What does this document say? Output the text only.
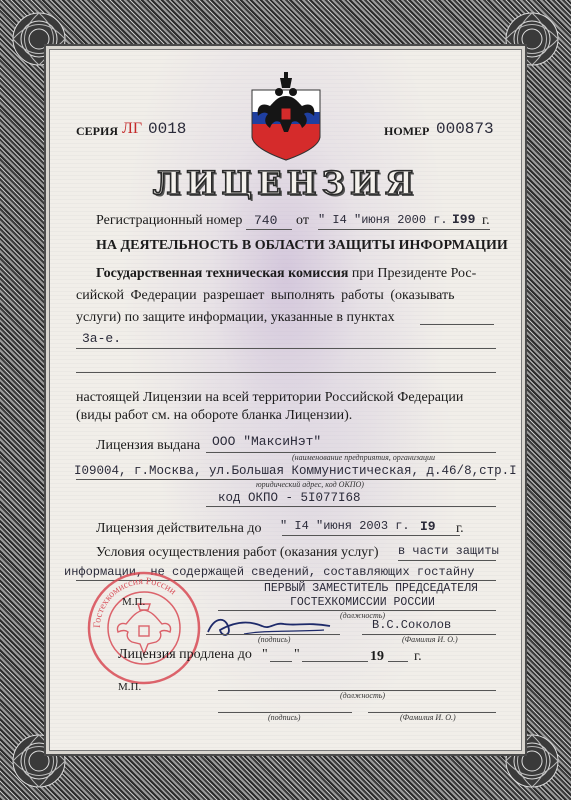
СЕРИЯ ЛГ 0018	НОМЕР 000873
ЛИЦЕНЗИЯ
Регистрационный номер 740 от " I4 "июня 2000 г. I99 г.
НА ДЕЯТЕЛЬНОСТЬ В ОБЛАСТИ ЗАЩИТЫ ИНФОРМАЦИИ
Государственная техническая комиссия при Президенте Рос-
сийской Федерации разрешает выполнять работы (оказывать
услуги) по защите информации, указанные в пунктах
3а-е.
настоящей Лицензии на всей территории Российской Федерации
(виды работ см. на обороте бланка Лицензии).
Лицензия выдана ООО "МаксиНэт"
(наименование предприятия, организации
I09004, г.Москва, ул.Большая Коммунистическая, д.46/8,стр.I
юридический адрес, код ОКПО)
код ОКПО - 5I077I68
Лицензия действительна до " I4 "июня 2003 г. I9 г.
Условия осуществления работ (оказания услуг) в части защиты
информации, не содержащей сведений, составляющих гостайну
Гостехкомиссия России
М.П.
ПЕРВЫЙ ЗАМЕСТИТЕЛЬ ПРЕДСЕДАТЕЛЯ
ГОСТЕХКОМИССИИ РОССИИ
(должность)
(подпись)
В.С.Соколов
(Фамилия И. О.)
Лицензия продлена до " "	19 г.
М.П.
(должность)
(подпись)	(Фамилия И. О.)
